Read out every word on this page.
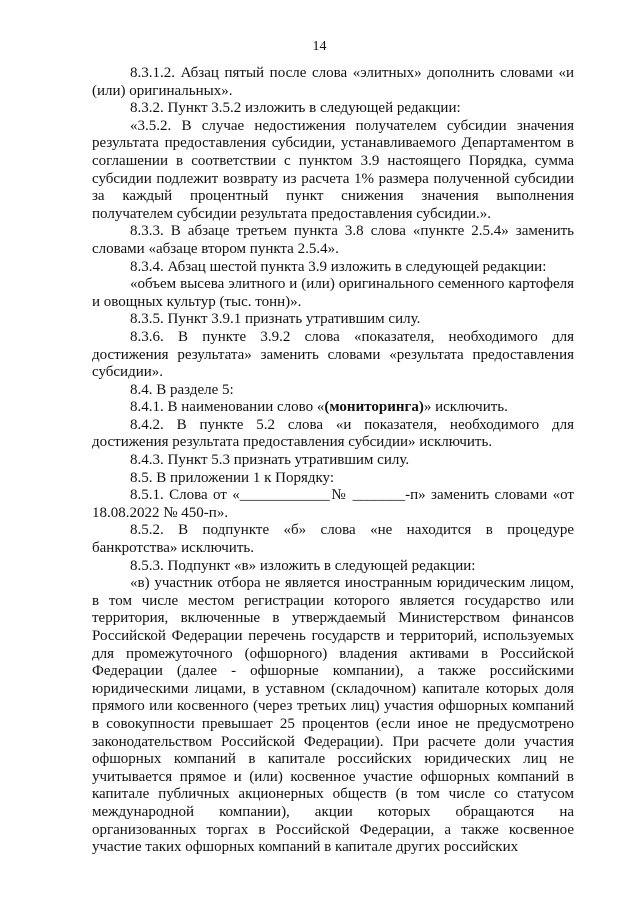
14

8.3.1.2. Абзац пятый после слова «элитных» дополнить словами «и (или) оригинальных».

8.3.2. Пункт 3.5.2 изложить в следующей редакции:

«3.5.2. В случае недостижения получателем субсидии значения результата предоставления субсидии, устанавливаемого Департаментом в соглашении в соответствии с пунктом 3.9 настоящего Порядка, сумма субсидии подлежит возврату из расчета 1% размера полученной субсидии за каждый процентный пункт снижения значения выполнения получателем субсидии результата предоставления субсидии.».

8.3.3. В абзаце третьем пункта 3.8 слова «пункте 2.5.4» заменить словами «абзаце втором пункта 2.5.4».

8.3.4. Абзац шестой пункта 3.9 изложить в следующей редакции:

«объем высева элитного и (или) оригинального семенного картофеля и овощных культур (тыс. тонн)».

8.3.5. Пункт 3.9.1 признать утратившим силу.

8.3.6. В пункте 3.9.2 слова «показателя, необходимого для достижения результата» заменить словами «результата предоставления субсидии».

8.4. В разделе 5:

8.4.1. В наименовании слово «(мониторинга)» исключить.

8.4.2. В пункте 5.2 слова «и показателя, необходимого для достижения результата предоставления субсидии» исключить.

8.4.3. Пункт 5.3 признать утратившим силу.

8.5. В приложении 1 к Порядку:

8.5.1. Слова от «____________№ _______-п» заменить словами «от 18.08.2022 № 450-п».

8.5.2. В подпункте «б» слова «не находится в процедуре банкротства» исключить.

8.5.3. Подпункт «в» изложить в следующей редакции:

«в) участник отбора не является иностранным юридическим лицом, в том числе местом регистрации которого является государство или территория, включенные в утверждаемый Министерством финансов Российской Федерации перечень государств и территорий, используемых для промежуточного (офшорного) владения активами в Российской Федерации (далее - офшорные компании), а также российскими юридическими лицами, в уставном (складочном) капитале которых доля прямого или косвенного (через третьих лиц) участия офшорных компаний в совокупности превышает 25 процентов (если иное не предусмотрено законодательством Российской Федерации). При расчете доли участия офшорных компаний в капитале российских юридических лиц не учитывается прямое и (или) косвенное участие офшорных компаний в капитале публичных акционерных обществ (в том числе со статусом международной компании), акции которых обращаются на организованных торгах в Российской Федерации, а также косвенное участие таких офшорных компаний в капитале других российских
